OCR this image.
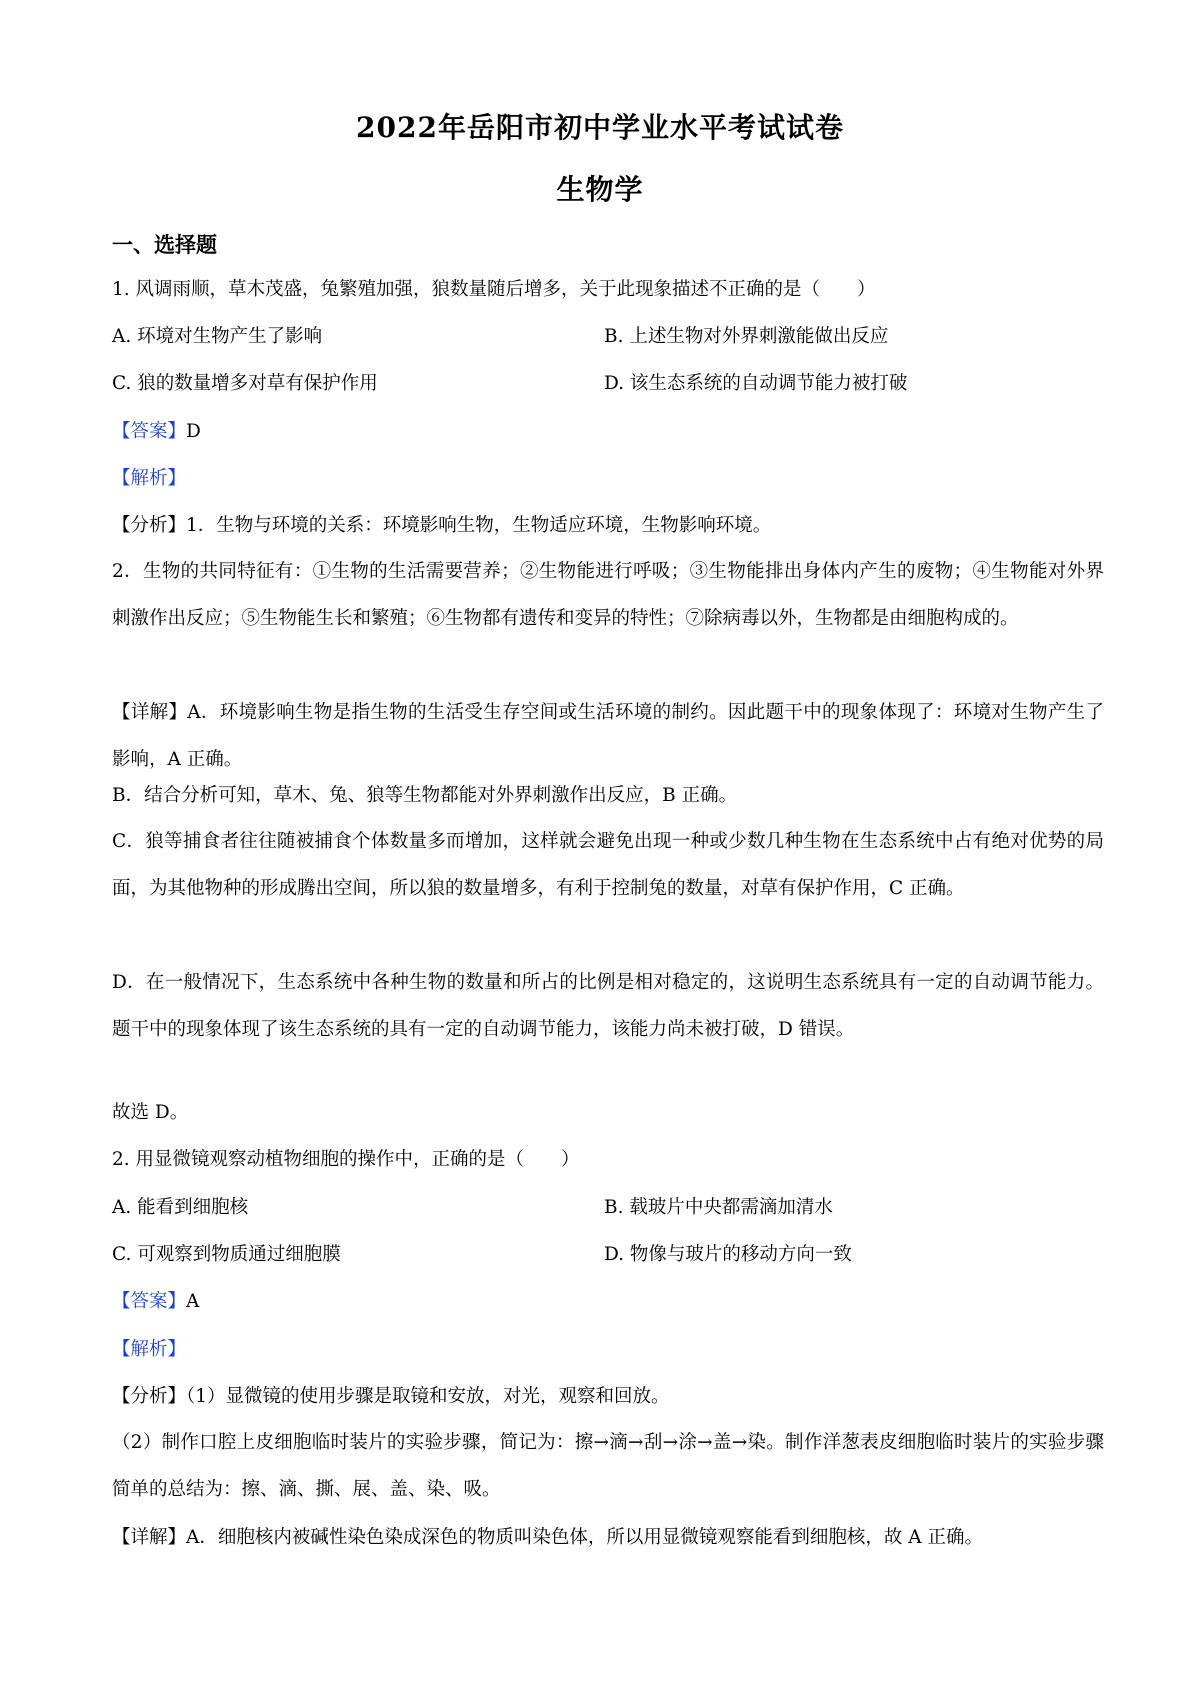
2022年岳阳市初中学业水平考试试卷
生物学
一、选择题
1. 风调雨顺，草木茂盛，兔繁殖加强，狼数量随后增多，关于此现象描述不正确的是（　　）
A. 环境对生物产生了影响	B. 上述生物对外界刺激能做出反应
C. 狼的数量增多对草有保护作用	D. 该生态系统的自动调节能力被打破
【答案】D
【解析】
【分析】1．生物与环境的关系：环境影响生物，生物适应环境，生物影响环境。
2．生物的共同特征有：①生物的生活需要营养；②生物能进行呼吸；③生物能排出身体内产生的废物；④生物能对外界刺激作出反应；⑤生物能生长和繁殖；⑥生物都有遗传和变异的特性；⑦除病毒以外，生物都是由细胞构成的。
【详解】A．环境影响生物是指生物的生活受生存空间或生活环境的制约。因此题干中的现象体现了：环境对生物产生了影响，A 正确。
B．结合分析可知，草木、兔、狼等生物都能对外界刺激作出反应，B 正确。
C．狼等捕食者往往随被捕食个体数量多而增加，这样就会避免出现一种或少数几种生物在生态系统中占有绝对优势的局面，为其他物种的形成腾出空间，所以狼的数量增多，有利于控制兔的数量，对草有保护作用，C 正确。
D．在一般情况下，生态系统中各种生物的数量和所占的比例是相对稳定的，这说明生态系统具有一定的自动调节能力。 题干中的现象体现了该生态系统的具有一定的自动调节能力，该能力尚未被打破，D 错误。
故选 D。
2. 用显微镜观察动植物细胞的操作中，正确的是（　　）
A. 能看到细胞核	B. 载玻片中央都需滴加清水
C. 可观察到物质通过细胞膜	D. 物像与玻片的移动方向一致
【答案】A
【解析】
【分析】（1）显微镜的使用步骤是取镜和安放，对光，观察和回放。
（2）制作口腔上皮细胞临时装片的实验步骤，简记为：擦→滴→刮→涂→盖→染。制作洋葱表皮细胞临时装片的实验步骤简单的总结为：擦、滴、撕、展、盖、染、吸。
【详解】A．细胞核内被碱性染色染成深色的物质叫染色体，所以用显微镜观察能看到细胞核，故 A 正确。
